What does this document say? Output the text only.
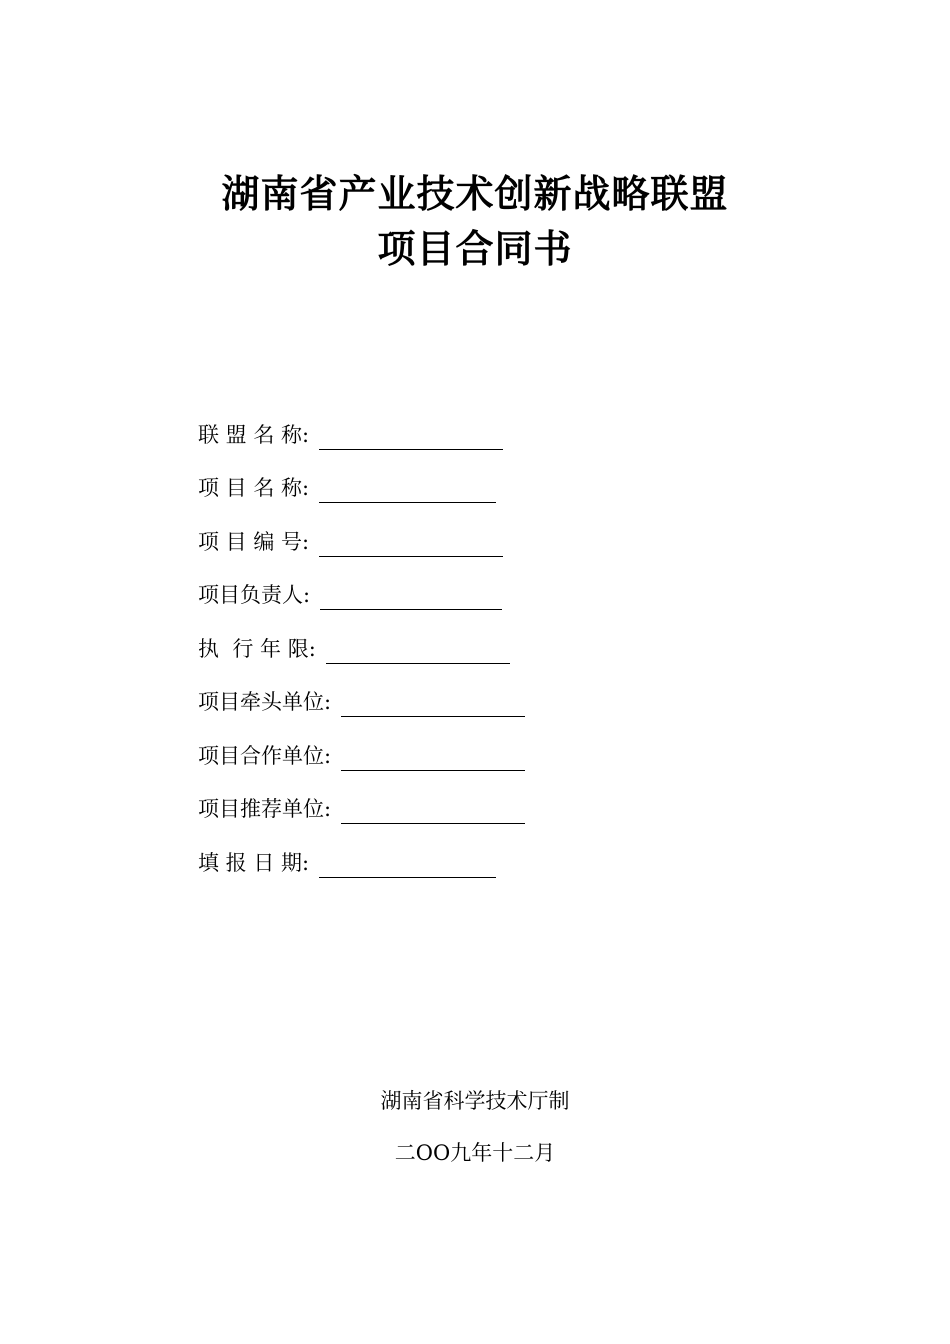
湖南省产业技术创新战略联盟
项目合同书
联 盟 名 称:
项 目 名 称:
项 目 编 号:
项目负责人:
执  行 年 限:
项目牵头单位:
项目合作单位:
项目推荐单位:
填 报 日 期:

湖南省科学技术厅制

二OO九年十二月
